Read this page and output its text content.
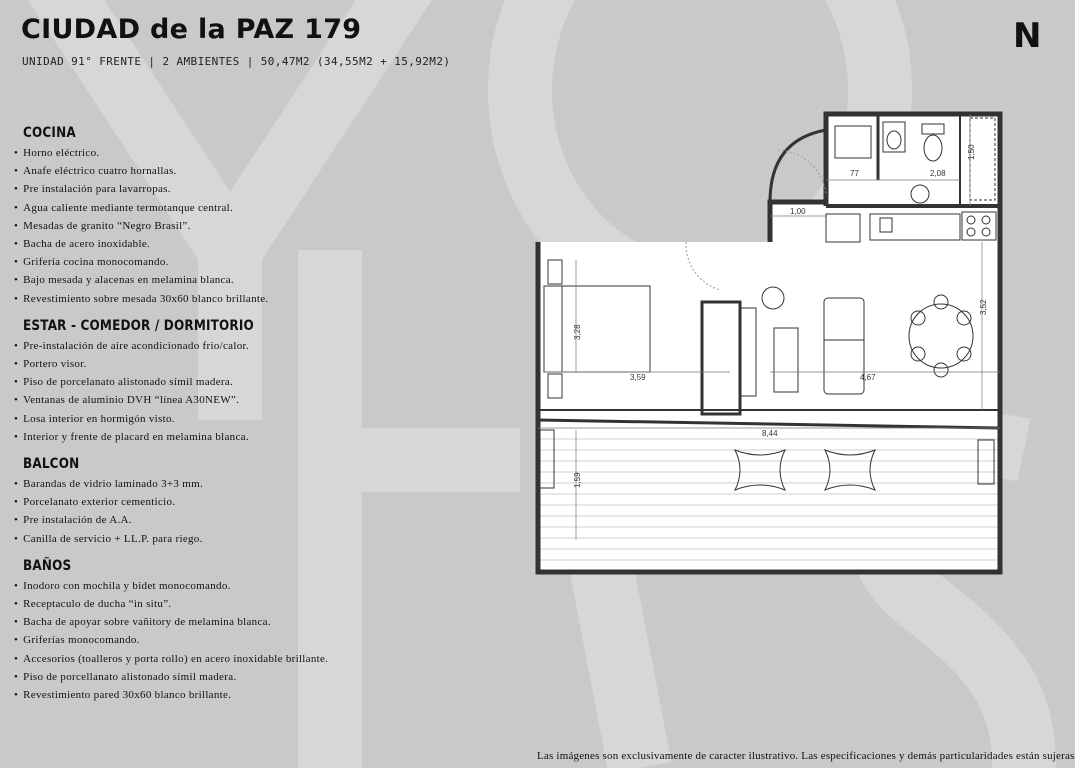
CIUDAD de la PAZ 179
UNIDAD 91° FRENTE | 2 AMBIENTES | 50,47M2 (34,55M2 + 15,92M2)
N
COCINA
• Horno eléctrico.
• Anafe eléctrico cuatro hornallas.
• Pre instalación para lavarropas.
• Agua caliente mediante termotanque central.
• Mesadas de granito “Negro Brasil”.
• Bacha de acero inoxidable.
• Grifería cocina monocomando.
• Bajo mesada y alacenas en melamina blanca.
• Revestimiento sobre mesada 30x60 blanco brillante.
ESTAR - COMEDOR / DORMITORIO
• Pre-instalación de aire acondicionado frío/calor.
• Portero visor.
• Piso de porcelanato alistonado símil madera.
• Ventanas de aluminio DVH “línea A30NEW”.
• Losa interior en hormigón visto.
• Interior y frente de placard en melamina blanca.
BALCON
• Barandas de vidrio laminado 3+3 mm.
• Porcelanato exterior cementicio.
• Pre instalación de A.A.
• Canilla de servicio + LL.P. para riego.
BAÑOS
• Inodoro con mochila y bidet monocomando.
• Receptaculo de ducha “in situ”.
• Bacha de apoyar sobre vañitory de melamina blanca.
• Griferías monocomando.
• Accesorios (toalleros y porta rollo) en acero inoxidable brillante.
• Piso de porcellanato alistonado símil madera.
• Revestimiento pared 30x60 blanco brillante.
77	2,08
1,50
1,00
3,28
3,59	4,67
3,52
8,44
1,59
Las imágenes son exclusivamente de caracter ilustrativo. Las especificaciones y demás particularidades están sujeras
